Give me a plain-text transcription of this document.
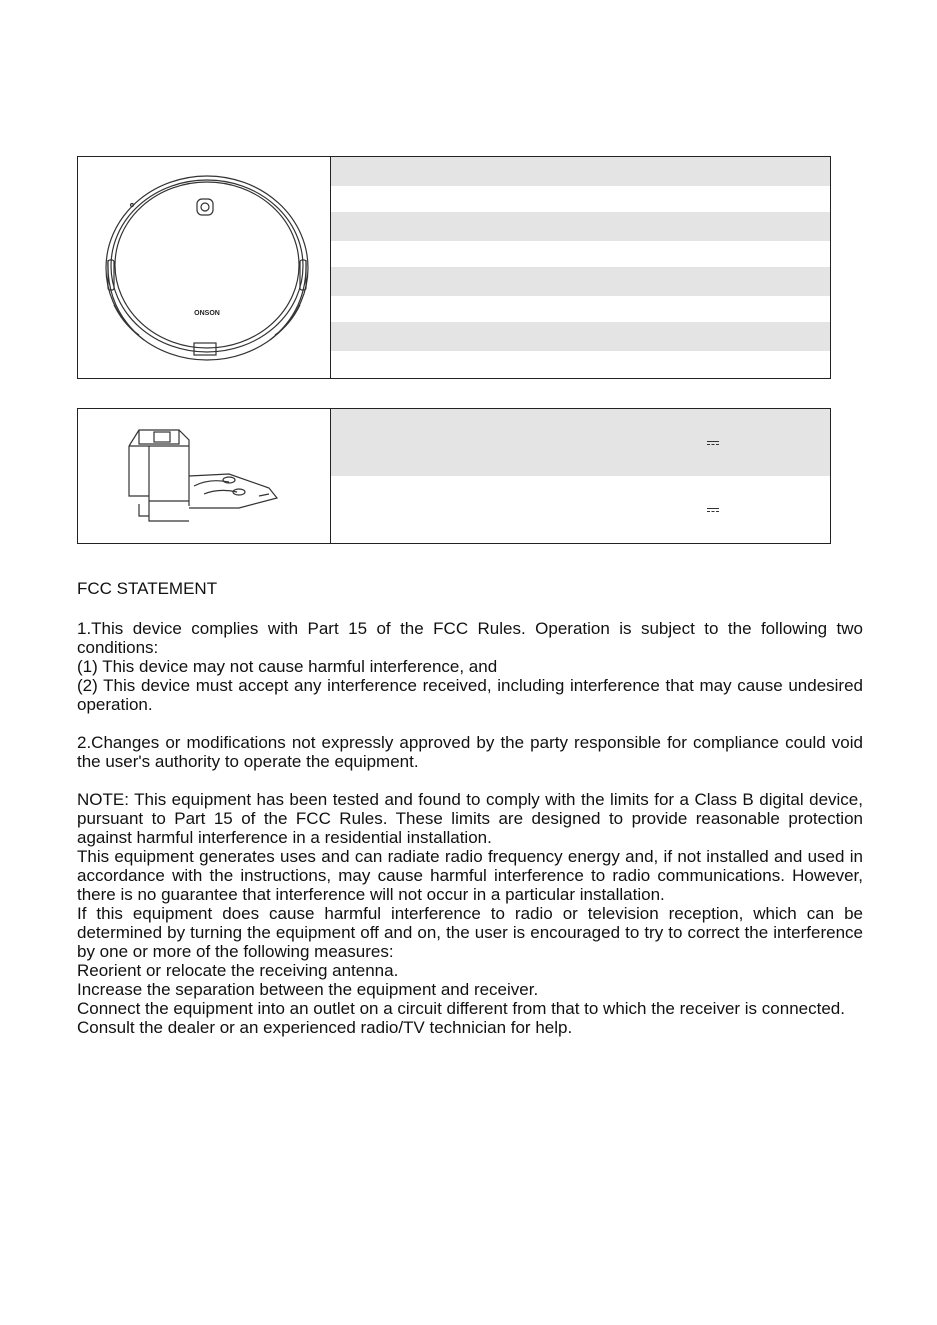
ONSON
FCC STATEMENT

1.This device complies with Part 15 of the FCC Rules. Operation is subject to the following two conditions:

(1) This device may not cause harmful interference, and

(2) This device must accept any interference received, including interference that may cause undesired operation.

2.Changes or modifications not expressly approved by the party responsible for compliance could void the user's authority to operate the equipment.

NOTE: This equipment has been tested and found to comply with the limits for a Class B digital device, pursuant to Part 15 of the FCC Rules. These limits are designed to provide reasonable protection against harmful interference in a residential installation.

This equipment generates uses and can radiate radio frequency energy and, if not installed and used in accordance with the instructions, may cause harmful interference to radio communications. However, there is no guarantee that interference will not occur in a particular installation.

If this equipment does cause harmful interference to radio or television reception, which can be determined by turning the equipment off and on, the user is encouraged to try to correct the interference by one or more of the following measures:

Reorient or relocate the receiving antenna.

Increase the separation between the equipment and receiver.

Connect the equipment into an outlet on a circuit different from that to which the receiver is connected.

Consult the dealer or an experienced radio/TV technician for help.
